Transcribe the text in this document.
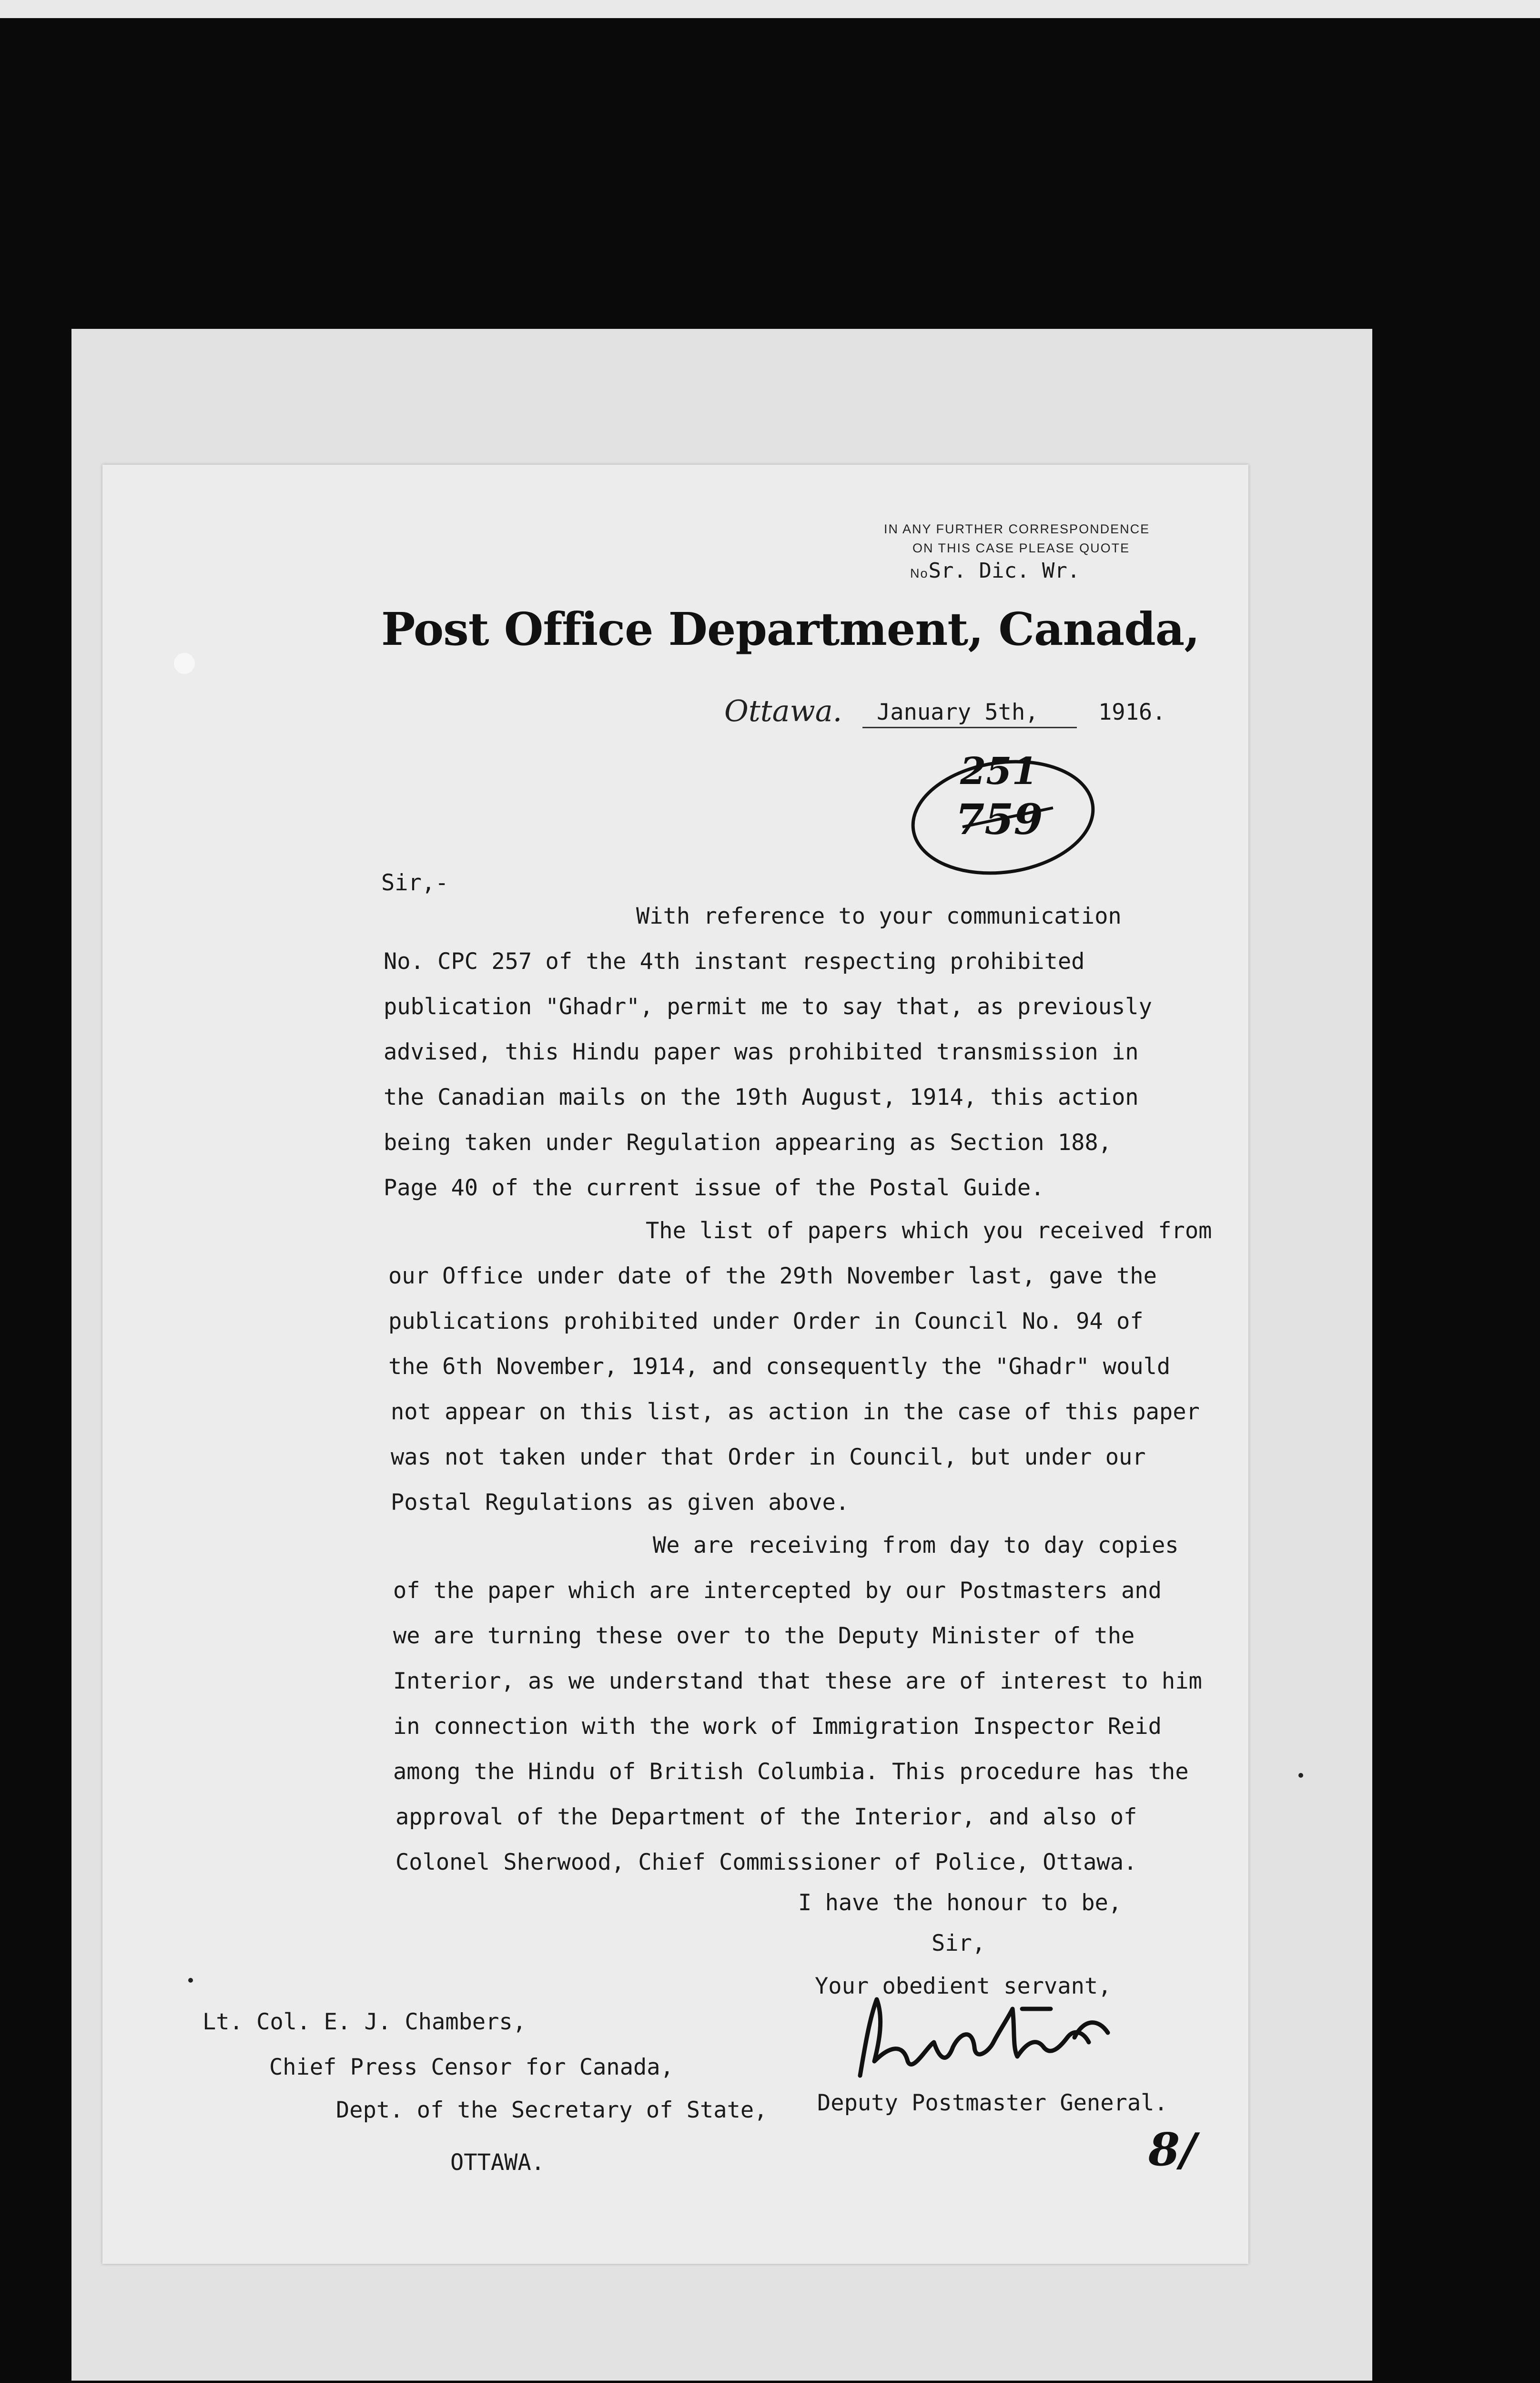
IN ANY FURTHER CORRESPONDENCE
ON THIS CASE PLEASE QUOTE
NoSr. Dic. Wr.
Post Office Department, Canada,
Ottawa. January 5th,	1916.
251
759
Sir,-
With reference to your communication
No. CPC 257 of the 4th instant respecting prohibited
publication "Ghadr", permit me to say that, as previously
advised, this Hindu paper was prohibited transmission in
the Canadian mails on the 19th August, 1914, this action
being taken under Regulation appearing as Section 188,
Page 40 of the current issue of the Postal Guide.
The list of papers which you received from
our Office under date of the 29th November last, gave the
publications prohibited under Order in Council No. 94 of
the 6th November, 1914, and consequently the "Ghadr" would
not appear on this list, as action in the case of this paper
was not taken under that Order in Council, but under our
Postal Regulations as given above.
We are receiving from day to day copies
of the paper which are intercepted by our Postmasters and
we are turning these over to the Deputy Minister of the
Interior, as we understand that these are of interest to him
in connection with the work of Immigration Inspector Reid
among the Hindu of British Columbia. This procedure has the
approval of the Department of the Interior, and also of
Colonel Sherwood, Chief Commissioner of Police, Ottawa.
I have the honour to be,
Sir,
Your obedient servant,
Deputy Postmaster General.
8/
Lt. Col. E. J. Chambers,
Chief Press Censor for Canada,
Dept. of the Secretary of State,
OTTAWA.
